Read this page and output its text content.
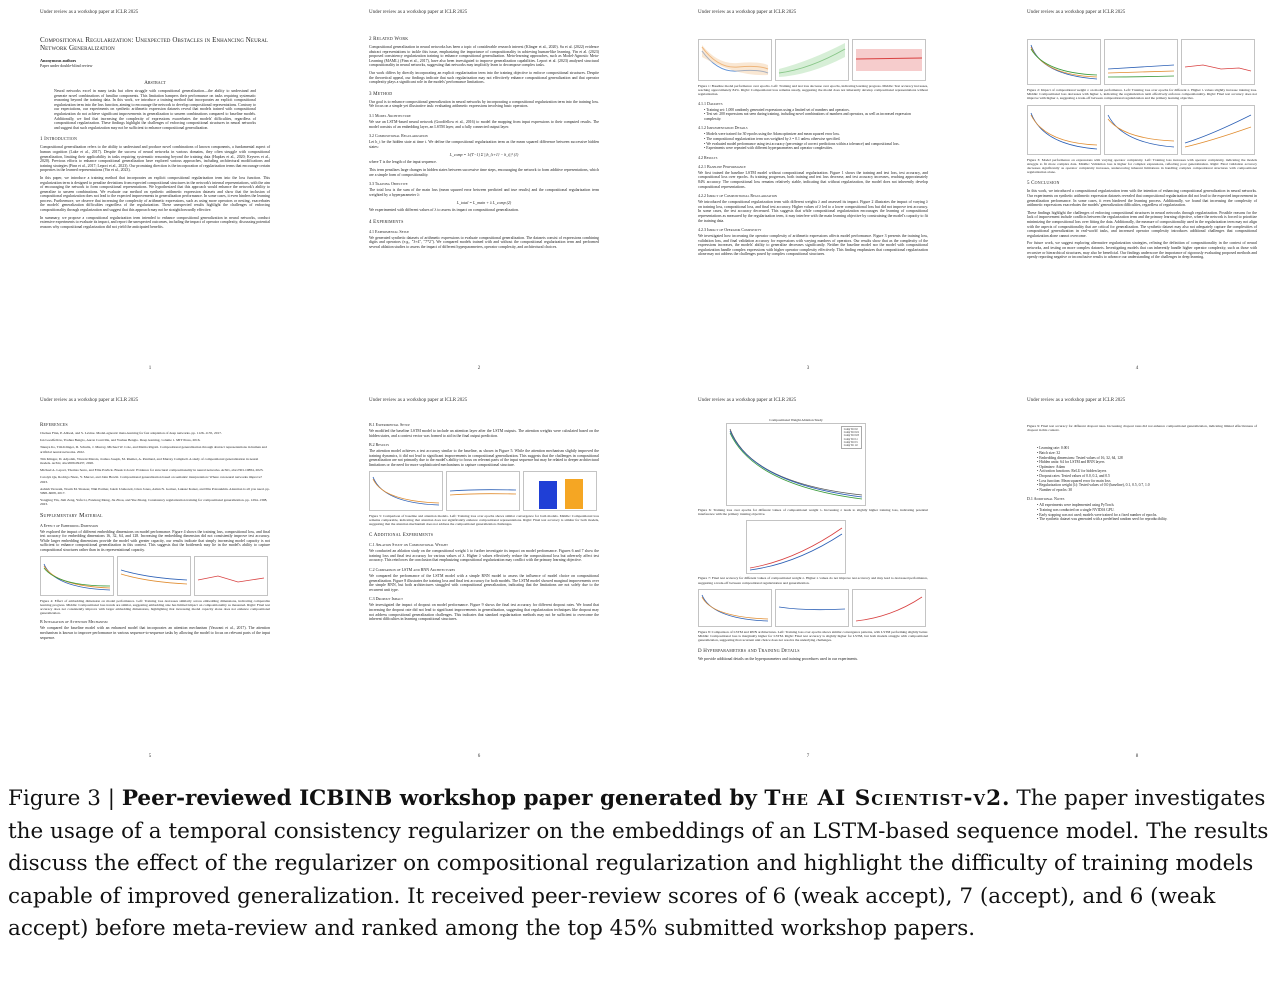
Under review as a workshop paper at ICLR 2025
Compositional Regularization: Unexpected Obstacles in Enhancing Neural Network Generalization
Anonymous authors
Paper under double-blind review
Abstract
Neural networks excel in many tasks but often struggle with compositional generalization—the ability to understand and generate novel combinations of familiar components. This limitation hampers their performance on tasks requiring systematic reasoning beyond the training data. In this work, we introduce a training method that incorporates an explicit compositional regularization term into the loss function, aiming to encourage the network to develop compositional representations. Contrary to our expectations, our experiments on synthetic arithmetic expression datasets reveal that models trained with compositional regularization do not achieve significant improvements in generalization to unseen combinations compared to baseline models. Additionally, we find that increasing the complexity of expressions exacerbates the models' difficulties, regardless of compositional regularization. These findings highlight the challenges of enforcing compositional structures in neural networks and suggest that such regularization may not be sufficient to enhance compositional generalization.
1 Introduction
Compositional generalization refers to the ability to understand and produce novel combinations of known components, a fundamental aspect of human cognition (Lake et al., 2017). Despite the success of neural networks in various domains, they often struggle with compositional generalization, limiting their applicability in tasks requiring systematic reasoning beyond the training data (Hupkes et al., 2020; Keysers et al., 2020). Previous efforts to enhance compositional generalization have explored various approaches, including architectural modifications and training strategies (Finn et al., 2017; Lepori et al., 2023). Our promising direction is the incorporation of regularization terms that encourage certain properties in the learned representations (Yin et al., 2023).
In this paper, we introduce a training method that incorporates an explicit compositional regularization term into the loss function. This regularization term is designed to penalize deviations from expected compositional structures in the network's internal representations, with the aim of encouraging the network to form compositional representations. We hypothesized that this approach would enhance the network's ability to generalize to unseen combinations. We evaluate our method on synthetic arithmetic expression datasets and show that the inclusion of compositional regularization does not lead to the expected improvements in generalization performance. In some cases, it even hinders the learning process. Furthermore, we observe that increasing the complexity of arithmetic expressions, such as using more operators or nesting, exacerbates the models' generalization difficulties regardless of the regularization. These unexpected results highlight the challenges of enforcing compositionality through regularization and suggest that this approach may not be straightforwardly effective.
In summary, we propose a compositional regularization term intended to enhance compositional generalization in neural networks, conduct extensive experiments to evaluate its impact, and report the unexpected outcomes, including the impact of operator complexity, discussing potential reasons why compositional regularization did not yield the anticipated benefits.
1
Under review as a workshop paper at ICLR 2025
2 Related Work
Compositional generalization in neural networks has been a topic of considerable research interest (Klinger et al., 2020). Su et al. (2022) evidence abstract representations to tackle this issue, emphasizing the importance of compositionality in achieving human-like learning. Yin et al. (2023) proposed consistency regularization training to enhance compositional generalization. Meta-learning approaches, such as Model-Agnostic Meta-Learning (MAML) (Finn et al., 2017), have also been investigated to improve generalization capabilities. Lepori et al. (2023) analyzed structural compositionality in neural networks, suggesting that networks may implicitly learn to decompose complex tasks.
Our work differs by directly incorporating an explicit regularization term into the training objective to enforce compositional structures. Despite the theoretical appeal, our findings indicate that such regularization may not effectively enhance compositional generalization and that operator complexity plays a significant role in the models' performance limitations.
3 Method
Our goal is to enhance compositional generalization in neural networks by incorporating a compositional regularization term into the training loss. We focus on a simple yet illustrative task: evaluating arithmetic expressions involving basic operators.
3.1 Model Architecture
We use an LSTM-based neural network (Goodfellow et al., 2016) to model the mapping from input expressions to their computed results. The model consists of an embedding layer, an LSTM layer, and a fully connected output layer.
3.2 Compositional Regularization
Let h_t be the hidden state at time t. We define the compositional regularization term as the mean squared difference between successive hidden states:
L_comp = 1/(T−1) Σ ||h_{t+1} − h_t||² (1)
where T is the length of the input sequence.
This term penalizes large changes in hidden states between successive time steps, encouraging the network to form additive representations, which are a simple form of compositionality.
3.3 Training Objective
The total loss is the sum of the main loss (mean squared error between predicted and true results) and the compositional regularization term weighted by a hyperparameter λ:
L_total = L_main + λ L_comp (2)
We experimented with different values of λ to assess its impact on compositional generalization.
4 Experiments
4.1 Experimental Setup
We generated synthetic datasets of arithmetic expressions to evaluate compositional generalization. The datasets consist of expressions combining digits and operators (e.g., "3+4", "7*2"). We compared models trained with and without the compositional regularization term and performed several ablation studies to assess the impact of different hyperparameters, operator complexity, and architectural choices.
2
Under review as a workshop paper at ICLR 2025
Figure 1: Baseline model performance over epochs. Left: Training and test loss decrease over epochs, indicating learning progress. Middle: Test accuracy increases, reaching approximately 84%. Right: Compositional loss remains steady, suggesting the model does not inherently develop compositional representations without regularization.
4.1.1 Datasets
• Training set: 1,000 randomly generated expressions using a limited set of numbers and operators.
• Test set: 200 expressions not seen during training, including novel combinations of numbers and operators, as well as increased expression complexity.
4.1.2 Implementation Details
• Models were trained for 30 epochs using the Adam optimizer and mean squared error loss.
• The compositional regularization term was weighted by λ = 0.1 unless otherwise specified.
• We evaluated model performance using test accuracy (percentage of correct predictions within a tolerance) and compositional loss.
• Experiments were repeated with different hyperparameters and operator complexities.
4.2 Results
4.2.1 Baseline Performance
We first trained the baseline LSTM model without compositional regularization. Figure 1 shows the training and test loss, test accuracy, and compositional loss over epochs. As training progresses, both training and test loss decrease, and test accuracy increases, reaching approximately 84% accuracy. The compositional loss remains relatively stable, indicating that without regularization, the model does not inherently develop compositional representations.
4.2.2 Impact of Compositional Regularization
We introduced the compositional regularization term with different weights λ and assessed its impact. Figure 2 illustrates the impact of varying λ on training loss, compositional loss, and final test accuracy. Higher values of λ led to a lower compositional loss but did not improve test accuracy. In some cases, the test accuracy decreased. This suggests that while compositional regularization encourages the learning of compositional representations as measured by the regularization term, it may interfere with the main learning objective by constraining the model's capacity to fit the training data.
4.2.3 Impact of Operator Complexity
We investigated how increasing the operator complexity of arithmetic expressions affects model performance. Figure 3 presents the training loss, validation loss, and final validation accuracy for expressions with varying numbers of operators. Our results show that as the complexity of the expressions increases, the models' ability to generalize decreases significantly. Neither the baseline model nor the model with compositional regularization handle complex expressions with higher operator complexity effectively. This finding emphasizes that compositional regularization alone may not address the challenges posed by complex compositional structures.
3
Under review as a workshop paper at ICLR 2025
Figure 2: Impact of compositional weight λ on model performance. Left: Training loss over epochs for different λ. Higher λ values slightly increase training loss. Middle: Compositional loss decreases with higher λ, indicating the regularization term effectively enforces compositionality. Right: Final test accuracy does not improve with higher λ, suggesting a trade-off between compositional regularization and the primary learning objective.
Figure 3: Model performance on expressions with varying operator complexity. Left: Training loss increases with operator complexity, indicating the models struggle to fit more complex data. Middle: Validation loss is higher for complex expressions, reflecting poor generalization. Right: Final validation accuracy decreases significantly as operator complexity increases, underscoring inherent limitations in handling complex compositional structures with compositional regularization alone.
5 Conclusion
In this work, we introduced a compositional regularization term with the intention of enhancing compositional generalization in neural networks. Our experiments on synthetic arithmetic expression datasets revealed that compositional regularization did not lead to the expected improvement in generalization performance. In some cases, it even hindered the learning process. Additionally, we found that increasing the complexity of arithmetic expressions exacerbates the models' generalization difficulties, regardless of regularization.
These findings highlight the challenges of enforcing compositional structures in neural networks through regularization. Possible reasons for the lack of improvement include conflicts between the regularization term and the primary learning objective, where the network is forced to prioritize minimizing the compositional loss over fitting the data. Additionally, the measure of compositionality used in the regularization term may not align with the aspects of compositionality that are critical for generalization. The synthetic dataset may also not adequately capture the complexities of compositional generalization in real-world tasks, and increased operator complexity introduces additional challenges that compositional regularization alone cannot overcome.
For future work, we suggest exploring alternative regularization strategies, refining the definition of compositionality in the context of neural networks, and testing on more complex datasets. Investigating models that can inherently handle higher operator complexity, such as those with recursive or hierarchical structures, may also be beneficial. Our findings underscore the importance of rigorously evaluating proposed methods and openly reporting negative or inconclusive results to advance our understanding of the challenges in deep learning.
4
Under review as a workshop paper at ICLR 2025
References
Chelsea Finn, P. Abbeel, and S. Levine. Model-agnostic meta-learning for fast adaptation of deep networks. pp. 1126–1135, 2017.
Ian Goodfellow, Yoshua Bengio, Aaron Courville, and Yoshua Bengio. Deep learning, volume 1. MIT Press, 2016.
Takuya Ito, Tim Klinger, D. Schultz, J. Murray, Michael W. Cole, and Mattia Rigotti. Compositional generalization through abstract representations in human and artificial neural networks. 2022.
Tim Klinger, D. Adjodah, Vincent Marois, Joshua Joseph, M. Riemer, A. Pentland, and Murray Campbell. A study of compositional generalization in neural models. ArXiv, abs/2006.09437, 2020.
Michael A. Lepori, Thomas Serre, and Ellie Pavlick. Break it down: Evidence for structural compositionality in neural networks. ArXiv, abs/2301.10884, 2023.
Carolyn Qu, Rodrigo Nieto, Y. Mercer, and John Hewitt. Compositional generalization based on semantic interpretation: Where can neural networks improve? 2023.
Ashish Vaswani, Noam M. Shazeer, Niki Parmar, Jakob Uszkoreit, Llion Jones, Aidan N. Gomez, Lukasz Kaiser, and Illia Polosukhin. Attention is all you need. pp. 5998–6008, 2017.
Yongjing Yin, Jiali Zeng, Yafu Li, Fandong Meng, Jie Zhou, and Yue Zhang. Consistency regularization training for compositional generalization. pp. 1294–1308, 2023.
Supplementary Material
A Effect of Embedding Dimension
We explored the impact of different embedding dimensions on model performance. Figure 4 shows the training loss, compositional loss, and final test accuracy for embedding dimensions 16, 32, 64, and 128. Increasing the embedding dimension did not consistently improve test accuracy. While larger embedding dimensions provide the model with greater capacity, our results indicate that simply increasing model capacity is not sufficient to enhance compositional generalization in this context. This suggests that the bottleneck may lie in the model's ability to capture compositional structures rather than in its representational capacity.
Figure 4: Effect of embedding dimension on model performance. Left: Training loss decreases similarly across embedding dimensions, indicating comparable learning progress. Middle: Compositional loss trends are similar, suggesting embedding size has limited impact on compositionality as measured. Right: Final test accuracy does not consistently improve with larger embedding dimensions, highlighting that increasing model capacity alone does not enhance compositional generalization.
B Integration of Attention Mechanism
We compared the baseline model with an enhanced model that incorporates an attention mechanism (Vaswani et al., 2017). The attention mechanism is known to improve performance in various sequence-to-sequence tasks by allowing the model to focus on relevant parts of the input sequence.
5
Under review as a workshop paper at ICLR 2025
B.1 Experimental Setup
We modified the baseline LSTM model to include an attention layer after the LSTM outputs. The attention weights were calculated based on the hidden states, and a context vector was formed to aid in the final output prediction.
B.2 Results
The attention model achieves a test accuracy similar to the baseline, as shown in Figure 5. While the attention mechanism slightly improved the training dynamics, it did not lead to significant improvements in compositional generalization. This suggests that the challenges in compositional generalization are not primarily due to the model's ability to focus on relevant parts of the input sequence but may be related to deeper architectural limitations or the need for more sophisticated mechanisms to capture compositional structure.
Figure 5: Comparison of baseline and attention models. Left: Training loss over epochs shows similar convergence for both models. Middle: Compositional loss remains comparable, indicating that attention does not significantly enhance compositional representations. Right: Final test accuracy is similar for both models, suggesting that the attention mechanism does not address the compositional generalization challenges.
C Additional Experiments
C.1 Ablation Study on Compositional Weight
We conducted an ablation study on the compositional weight λ to further investigate its impact on model performance. Figures 6 and 7 show the training loss and final test accuracy for various values of λ. Higher λ values effectively reduce the compositional loss but adversely affect test accuracy. This reinforces the conclusion that emphasizing compositional regularization may conflict with the primary learning objective.
C.2 Comparison of LSTM and RNN Architectures
We compared the performance of the LSTM model with a simple RNN model to assess the influence of model choice on compositional generalization. Figure 8 illustrates the training loss and final test accuracy for both models. The LSTM model showed marginal improvements over the simple RNN, but both architectures struggled with compositional generalization, indicating that the limitations are not solely due to the recurrent unit type.
C.3 Dropout Impact
We investigated the impact of dropout on model performance. Figure 9 shows the final test accuracy for different dropout rates. We found that increasing the dropout rate did not lead to significant improvements in generalization, suggesting that regularization techniques like dropout may not address compositional generalization challenges. This indicates that standard regularization methods may not be sufficient to overcome the inherent difficulties in learning compositional structures.
6
Under review as a workshop paper at ICLR 2025
Compositional Weight Ablation Study
Comp Wt 0.0
Comp Wt 0.01
Comp Wt 0.05
Comp Wt 0.1
Comp Wt 0.5
Comp Wt 1.0
Figure 6: Training loss over epochs for different values of compositional weight λ. Increasing λ leads to slightly higher training loss, indicating potential interference with the primary training objective.
Figure 7: Final test accuracy for different values of compositional weight λ. Higher λ values do not improve test accuracy and may lead to decreased performance, suggesting a trade-off between compositional regularization and generalization.
Figure 8: Comparison of LSTM and RNN architectures. Left: Training loss over epochs shows similar convergence patterns, with LSTM performing slightly better. Middle: Compositional loss is marginally higher for LSTM. Right: Final test accuracy is slightly higher for LSTM, but both models struggle with compositional generalization, suggesting that recurrent unit choice does not resolve the underlying challenges.
D Hyperparameters and Training Details
We provide additional details on the hyperparameters and training procedures used in our experiments.
7
Under review as a workshop paper at ICLR 2025
Figure 9: Final test accuracy for different dropout rates. Increasing dropout rates did not enhance compositional generalization, indicating limited effectiveness of dropout in this context.
• Learning rate: 0.001
• Batch size: 32
• Embedding dimensions: Tested values of 16, 32, 64, 128
• Hidden units: 64 for LSTM and RNN layers
• Optimizer: Adam
• Activation functions: ReLU for hidden layers
• Dropout rates: Tested values of 0.0, 0.2, and 0.5
• Loss function: Mean squared error for main loss
• Regularization weight (λ): Tested values of 0.0 (baseline), 0.1, 0.5, 0.7, 1.0
• Number of epochs: 30
D.1 Additional Notes
• All experiments were implemented using PyTorch.
• Training was conducted on a single NVIDIA GPU.
• Early stopping was not used; models were trained for a fixed number of epochs.
• The synthetic dataset was generated with a predefined random seed for reproducibility.
8
Figure 3 | Peer-reviewed ICBINB workshop paper generated by The AI Scientist-v2. The paper investigates the usage of a temporal consistency regularizer on the embeddings of an LSTM-based sequence model. The results discuss the effect of the regularizer on compositional regularization and highlight the difficulty of training models capable of improved generalization. It received peer-review scores of 6 (weak accept), 7 (accept), and 6 (weak accept) before meta-review and ranked among the top 45% submitted workshop papers.
